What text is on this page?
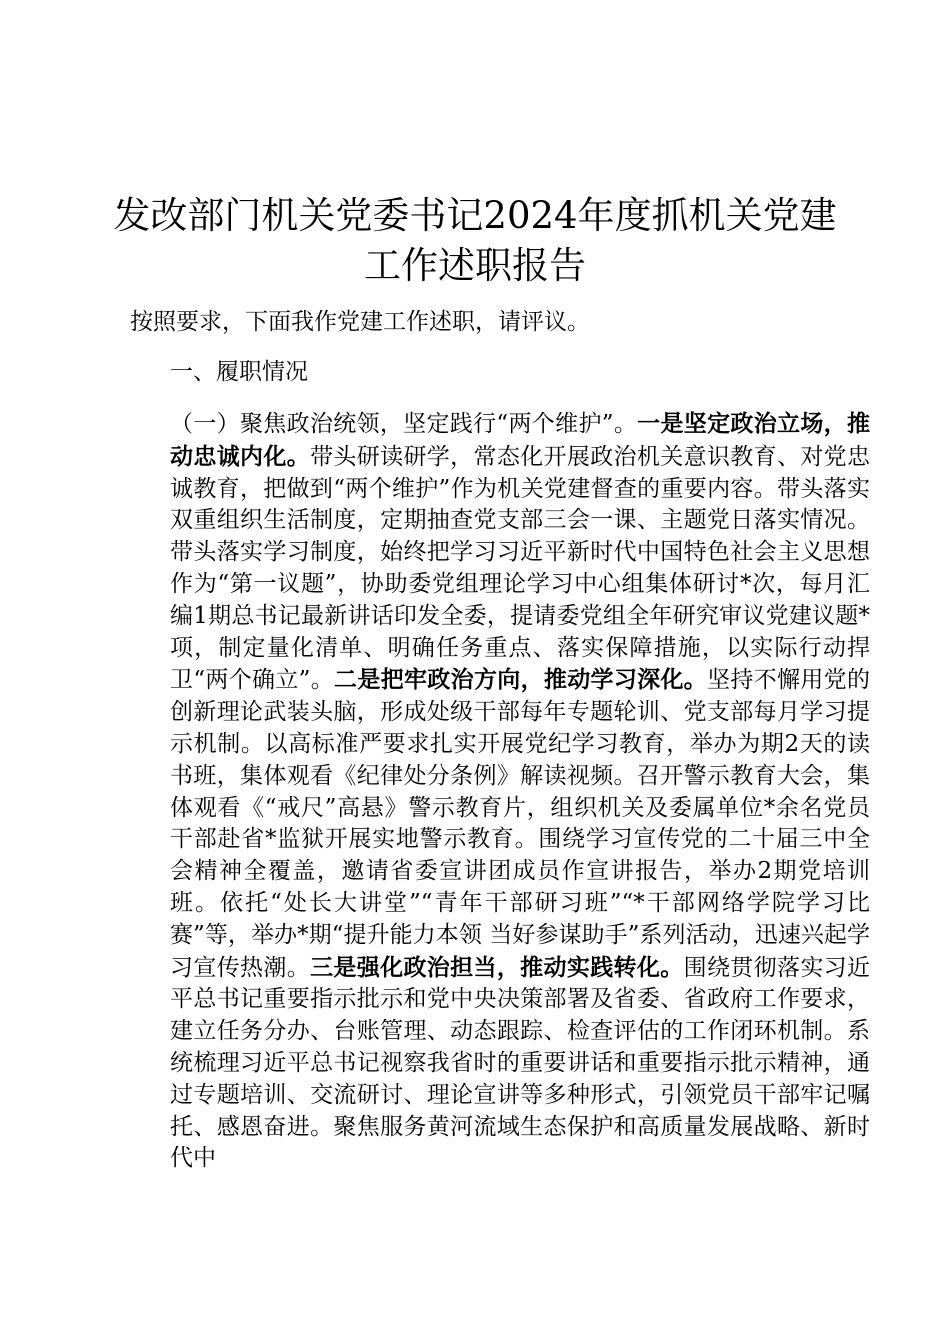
发改部门机关党委书记2024年度抓机关党建
工作述职报告

按照要求，下面我作党建工作述职，请评议。

一、履职情况

（一）聚焦政治统领，坚定践行“两个维护”。一是坚定政治立场，推动忠诚内化。带头研读研学，常态化开展政治机关意识教育、对党忠诚教育，把做到“两个维护”作为机关党建督查的重要内容。带头落实双重组织生活制度，定期抽查党支部三会一课、主题党日落实情况。带头落实学习制度，始终把学习习近平新时代中国特色社会主义思想作为“第一议题”，协助委党组理论学习中心组集体研讨*次，每月汇编1期总书记最新讲话印发全委，提请委党组全年研究审议党建议题*项，制定量化清单、明确任务重点、落实保障措施，以实际行动捍卫“两个确立”。二是把牢政治方向，推动学习深化。坚持不懈用党的创新理论武装头脑，形成处级干部每年专题轮训、党支部每月学习提示机制。以高标准严要求扎实开展党纪学习教育，举办为期2天的读书班，集体观看《纪律处分条例》解读视频。召开警示教育大会，集体观看《“戒尺”高悬》警示教育片，组织机关及委属单位*余名党员干部赴省*监狱开展实地警示教育。围绕学习宣传党的二十届三中全会精神全覆盖，邀请省委宣讲团成员作宣讲报告，举办2期党培训班。依托“处长大讲堂”“青年干部研习班”“*干部网络学院学习比赛”等，举办*期“提升能力本领 当好参谋助手”系列活动，迅速兴起学习宣传热潮。三是强化政治担当，推动实践转化。围绕贯彻落实习近平总书记重要指示批示和党中央决策部署及省委、省政府工作要求，建立任务分办、台账管理、动态跟踪、检查评估的工作闭环机制。系统梳理习近平总书记视察我省时的重要讲话和重要指示批示精神，通过专题培训、交流研讨、理论宣讲等多种形式，引领党员干部牢记嘱托、感恩奋进。聚焦服务黄河流域生态保护和高质量发展战略、新时代中
